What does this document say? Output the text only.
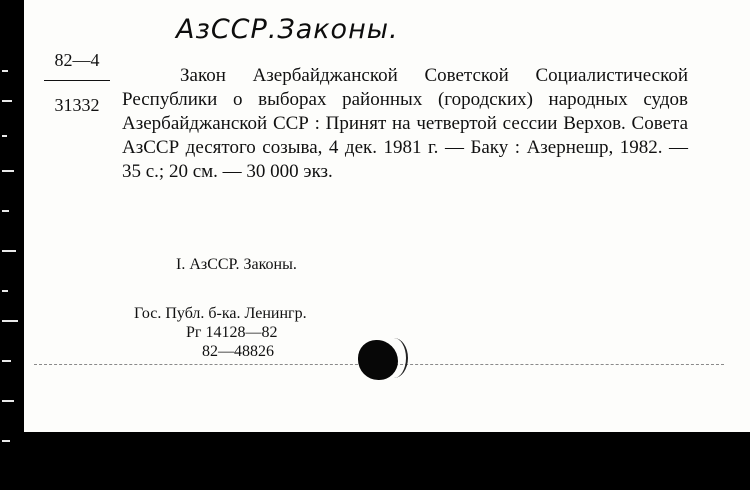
АзССР.Законы.
82—4
31332
Закон Азербайджанской Советской Социалистической Республики о выборах районных (городских) народных судов Азербайджанской ССР : Принят на четвертой сессии Верхов. Совета АзССР десятого созыва, 4 дек. 1981 г. — Баку : Азернешр, 1982. — 35 с.; 20 см. — 30 000 экз.
I. АзССР. Законы.
Гос. Публ. б-ка. Ленингр.
Рг 14128—82
82—48826
